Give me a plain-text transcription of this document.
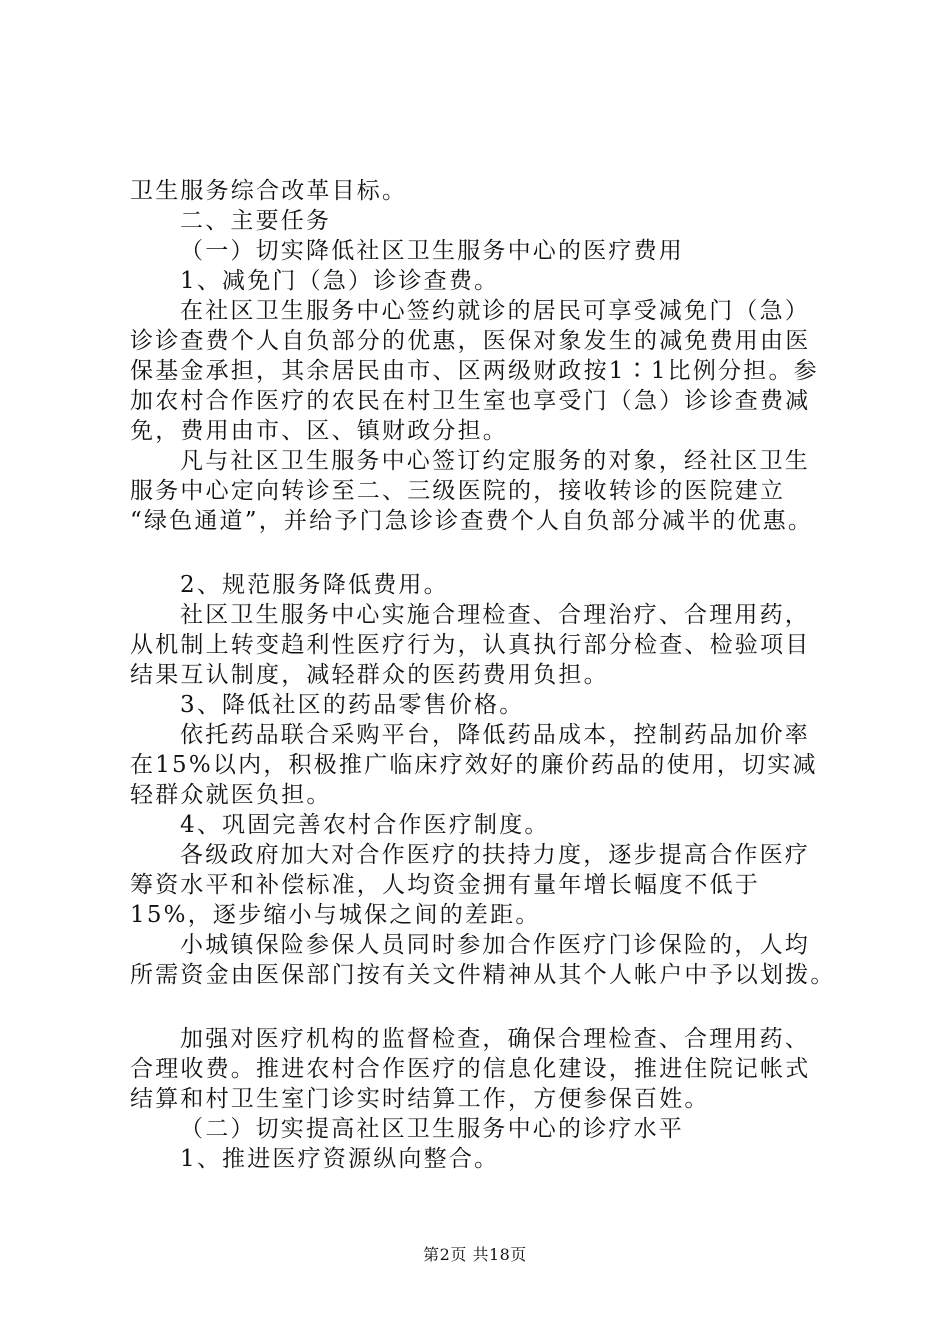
卫生服务综合改革目标。
二、主要任务
（一）切实降低社区卫生服务中心的医疗费用
1、减免门（急）诊诊查费。
在社区卫生服务中心签约就诊的居民可享受减免门（急）
诊诊查费个人自负部分的优惠，医保对象发生的减免费用由医
保基金承担，其余居民由市、区两级财政按1∶1比例分担。参
加农村合作医疗的农民在村卫生室也享受门（急）诊诊查费减
免，费用由市、区、镇财政分担。
凡与社区卫生服务中心签订约定服务的对象，经社区卫生
服务中心定向转诊至二、三级医院的，接收转诊的医院建立
“绿色通道”，并给予门急诊诊查费个人自负部分减半的优惠。
2、规范服务降低费用。
社区卫生服务中心实施合理检查、合理治疗、合理用药，
从机制上转变趋利性医疗行为，认真执行部分检查、检验项目
结果互认制度，减轻群众的医药费用负担。
3、降低社区的药品零售价格。
依托药品联合采购平台，降低药品成本，控制药品加价率
在15%以内，积极推广临床疗效好的廉价药品的使用，切实减
轻群众就医负担。
4、巩固完善农村合作医疗制度。
各级政府加大对合作医疗的扶持力度，逐步提高合作医疗
筹资水平和补偿标准，人均资金拥有量年增长幅度不低于
15%，逐步缩小与城保之间的差距。
小城镇保险参保人员同时参加合作医疗门诊保险的，人均
所需资金由医保部门按有关文件精神从其个人帐户中予以划拨。
加强对医疗机构的监督检查，确保合理检查、合理用药、
合理收费。推进农村合作医疗的信息化建设，推进住院记帐式
结算和村卫生室门诊实时结算工作，方便参保百姓。
（二）切实提高社区卫生服务中心的诊疗水平
1、推进医疗资源纵向整合。
第2页 共18页
